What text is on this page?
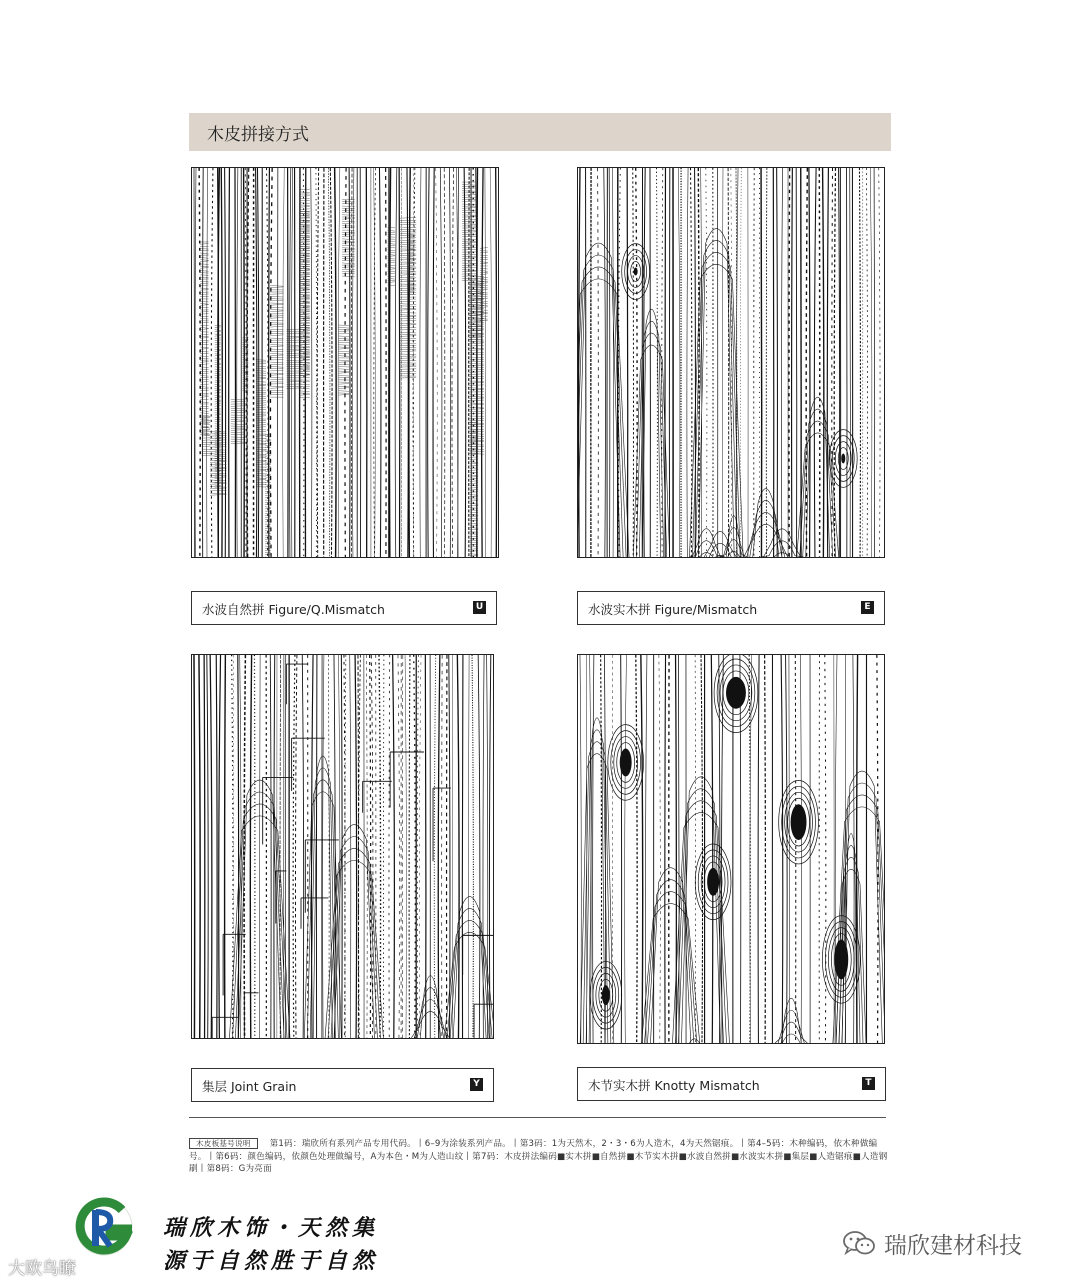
木皮拼接方式
水波自然拼 Figure/Q.Mismatch	U	水波实木拼 Figure/Mismatch	E
集层 Joint Grain	Y	木节实木拼 Knotty Mismatch	T
木皮板基号说明 第1码：瑞欣所有系列产品专用代码。丨6–9为涂装系列产品。丨第3码：1为天然木，2・3・6为人造木，4为天然锯痕。丨第4–5码：木种编码，依木种做编号。丨第6码：颜色编码，依颜色处理做编号，A为本色・M为人造山纹丨第7码：木皮拼法编码■实木拼■自然拼■木节实木拼■水波自然拼■水波实木拼■集层■人造锯痕■人造钢刷丨第8码：G为亮面
瑞欣木饰・天然集
源于自然胜于自然
瑞欣建材科技
大欧鸟瞭
